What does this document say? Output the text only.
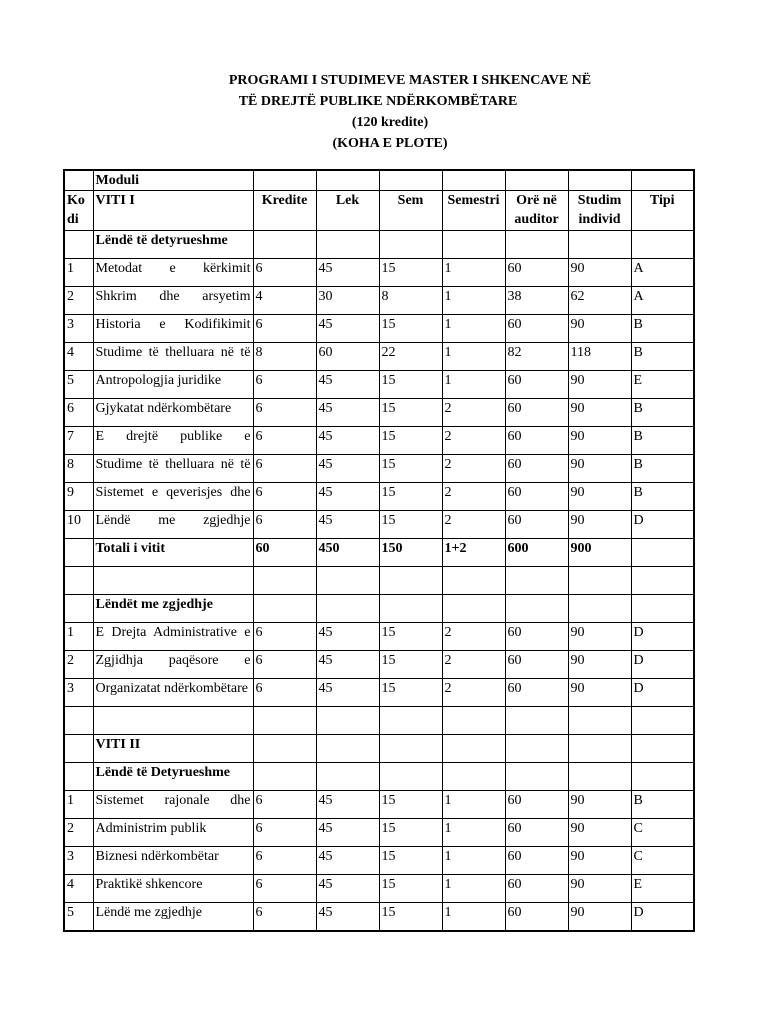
PROGRAMI I STUDIMEVE MASTER I SHKENCAVE NË
TË DREJTË PUBLIKE NDËRKOMBËTARE
(120 kredite)
(KOHA E PLOTE)
	Moduli							
Ko di	VITI I	Kredite	Lek	Sem	Semestri	Orë në auditor	Studim individ	Tipi
	Lëndë të detyrueshme							
1	Metodat e kërkimit	6	45	15	1	60	90	A
2	Shkrim dhe arsyetim	4	30	8	1	38	62	A
3	Historia e Kodifikimit	6	45	15	1	60	90	B
4	Studime të thelluara në të	8	60	22	1	82	118	B
5	Antropologjia juridike	6	45	15	1	60	90	E
6	Gjykatat ndërkombëtare	6	45	15	2	60	90	B
7	E drejtë publike e	6	45	15	2	60	90	B
8	Studime të thelluara në të	6	45	15	2	60	90	B
9	Sistemet e qeverisjes dhe	6	45	15	2	60	90	B
10	Lëndë me zgjedhje	6	45	15	2	60	90	D
	Totali i vitit	60	450	150	1+2	600	900	

	Lëndët me zgjedhje							
1	E Drejta Administrative e	6	45	15	2	60	90	D
2	Zgjidhja paqësore e	6	45	15	2	60	90	D
3	Organizatat ndërkombëtare	6	45	15	2	60	90	D

	VITI II							
	Lëndë të Detyrueshme							
1	Sistemet rajonale dhe	6	45	15	1	60	90	B
2	Administrim publik	6	45	15	1	60	90	C
3	Biznesi ndërkombëtar	6	45	15	1	60	90	C
4	Praktikë shkencore	6	45	15	1	60	90	E
5	Lëndë me zgjedhje	6	45	15	1	60	90	D
